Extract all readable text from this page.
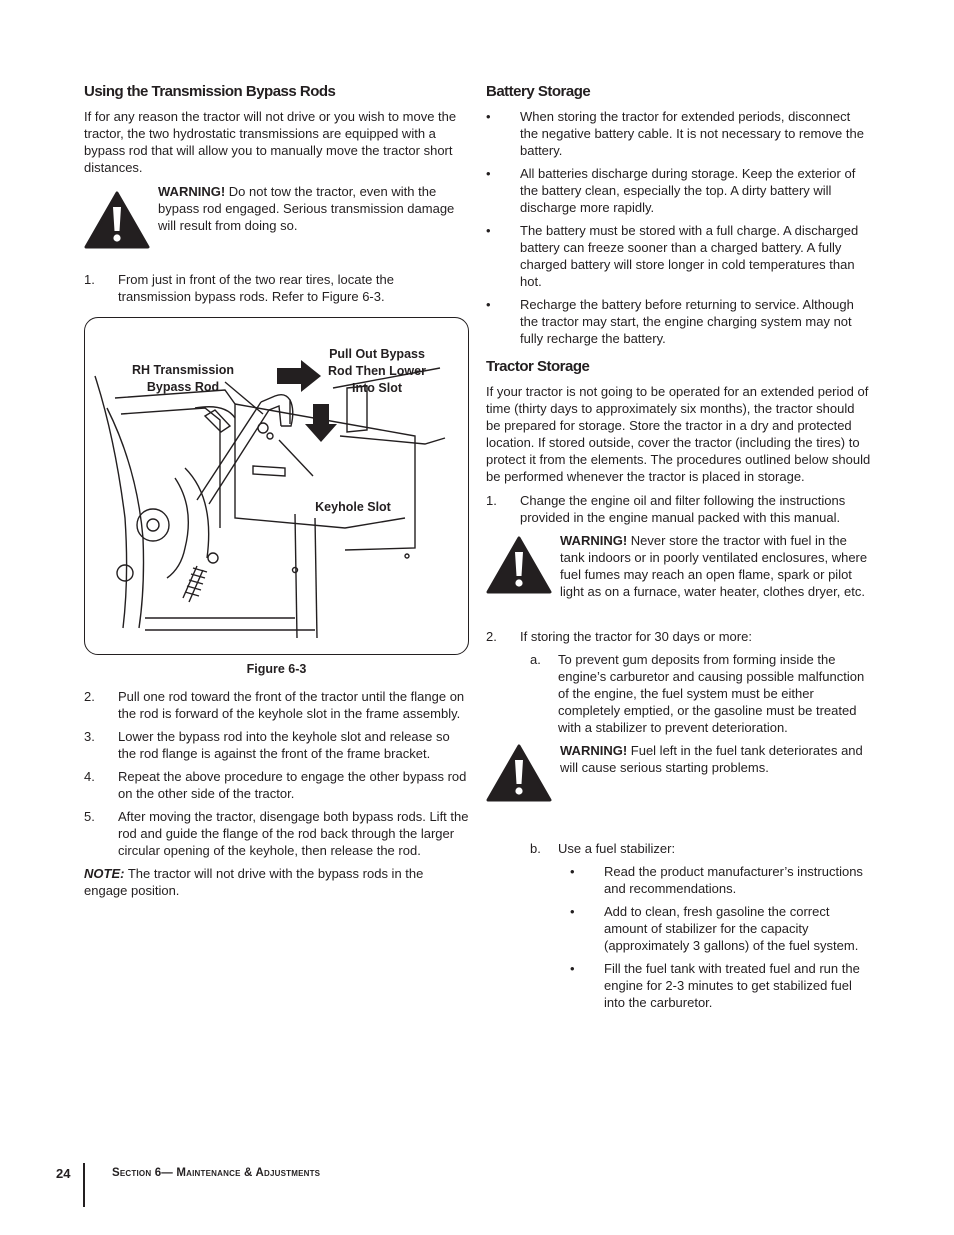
Using the Transmission Bypass Rods

If for any reason the tractor will not drive or you wish to move the tractor, the two hydrostatic transmissions are equipped with a bypass rod that will allow you to manually move the tractor short distances.

WARNING! Do not tow the tractor, even with the bypass rod engaged. Serious transmission damage will result from doing so.
1. From just in front of the two rear tires, locate the transmission bypass rods. Refer to Figure 6-3.
RH Transmission Bypass Rod
Pull Out Bypass Rod Then Lower Into Slot
Keyhole Slot
Figure 6-3
2. Pull one rod toward the front of the tractor until the flange on the rod is forward of the keyhole slot in the frame assembly.
3. Lower the bypass rod into the keyhole slot and release so the rod flange is against the front of the frame bracket.
4. Repeat the above procedure to engage the other bypass rod on the other side of the tractor.
5. After moving the tractor, disengage both bypass rods. Lift the rod and guide the flange of the rod back through the larger circular opening of the keyhole, then release the rod.

NOTE: The tractor will not drive with the bypass rods in the engage position.

Battery Storage
• When storing the tractor for extended periods, disconnect the negative battery cable. It is not necessary to remove the battery.
• All batteries discharge during storage. Keep the exterior of the battery clean, especially the top. A dirty battery will discharge more rapidly.
• The battery must be stored with a full charge. A discharged battery can freeze sooner than a charged battery. A fully charged battery will store longer in cold temperatures than hot.
• Recharge the battery before returning to service. Although the tractor may start, the engine charging system may not fully recharge the battery.
Tractor Storage

If your tractor is not going to be operated for an extended period of time (thirty days to approximately six months), the tractor should be prepared for storage. Store the tractor in a dry and protected location. If stored outside, cover the tractor (including the tires) to protect it from the elements. The procedures outlined below should be performed whenever the tractor is placed in storage.

1. Change the engine oil and filter following the instructions provided in the engine manual packed with this manual.
WARNING! Never store the tractor with fuel in the tank indoors or in poorly ventilated enclosures, where fuel fumes may reach an open flame, spark or pilot light as on a furnace, water heater, clothes dryer, etc.
2. If storing the tractor for 30 days or more:
a. To prevent gum deposits from forming inside the engine’s carburetor and causing possible malfunction of the engine, the fuel system must be either completely emptied, or the gasoline must be treated with a stabilizer to prevent deterioration.
WARNING! Fuel left in the fuel tank deteriorates and will cause serious starting problems.
b. Use a fuel stabilizer:
• Read the product manufacturer’s instructions and recommendations.
• Add to clean, fresh gasoline the correct amount of stabilizer for the capacity (approximately 3 gallons) of the fuel system.
• Fill the fuel tank with treated fuel and run the engine for 2-3 minutes to get stabilized fuel into the carburetor.
24	Section 6— Maintenance & Adjustments
